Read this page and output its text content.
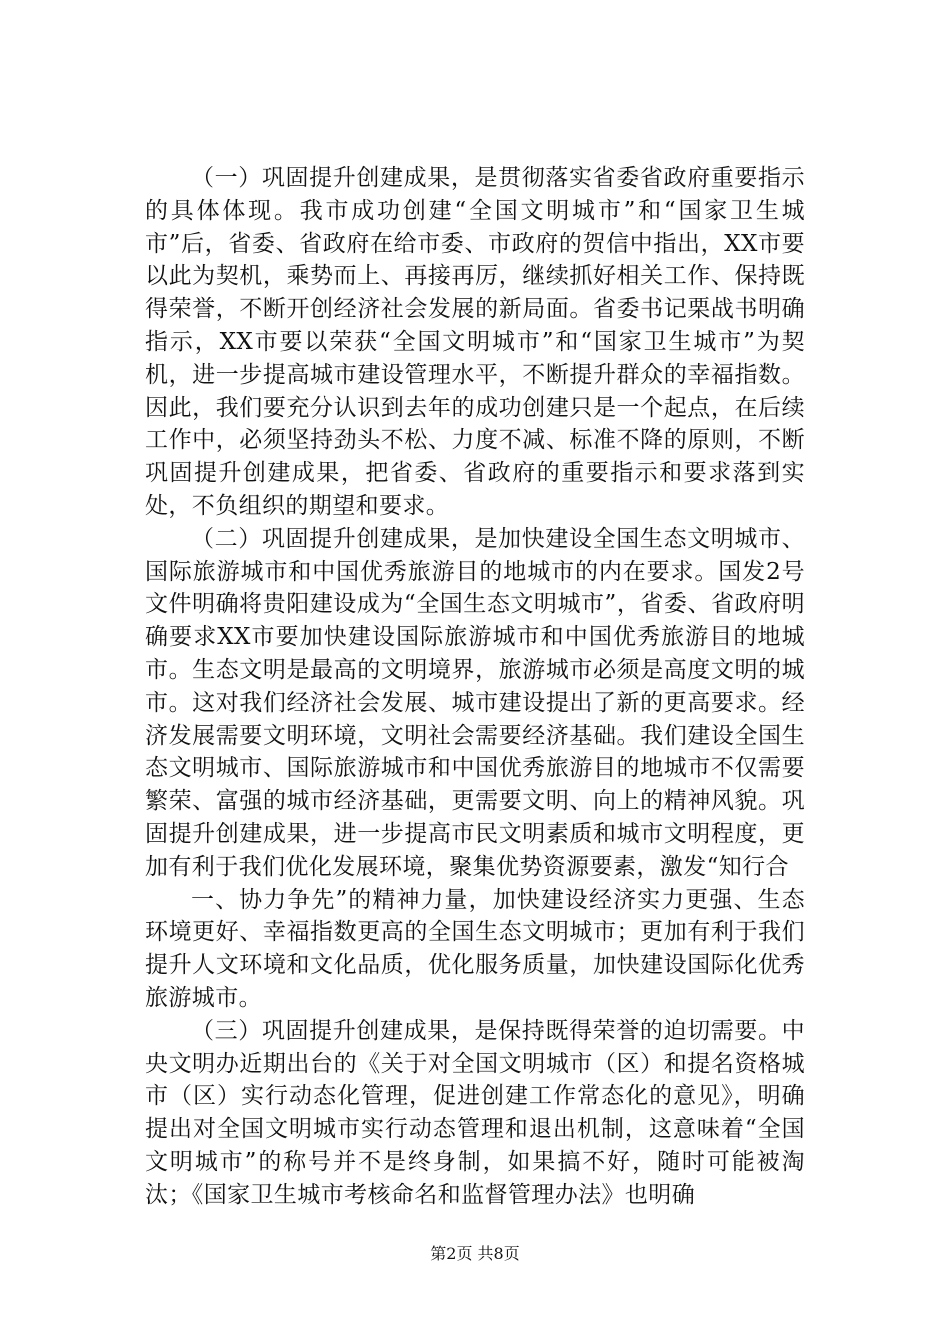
（一）巩固提升创建成果，是贯彻落实省委省政府重要指示的具体体现。我市成功创建“全国文明城市”和“国家卫生城市”后，省委、省政府在给市委、市政府的贺信中指出，XX市要以此为契机，乘势而上、再接再厉，继续抓好相关工作、保持既得荣誉，不断开创经济社会发展的新局面。省委书记栗战书明确指示，XX市要以荣获“全国文明城市”和“国家卫生城市”为契机，进一步提高城市建设管理水平，不断提升群众的幸福指数。因此，我们要充分认识到去年的成功创建只是一个起点，在后续工作中，必须坚持劲头不松、力度不减、标准不降的原则，不断巩固提升创建成果，把省委、省政府的重要指示和要求落到实处，不负组织的期望和要求。

（二）巩固提升创建成果，是加快建设全国生态文明城市、国际旅游城市和中国优秀旅游目的地城市的内在要求。国发2号文件明确将贵阳建设成为“全国生态文明城市”，省委、省政府明确要求XX市要加快建设国际旅游城市和中国优秀旅游目的地城市。生态文明是最高的文明境界，旅游城市必须是高度文明的城市。这对我们经济社会发展、城市建设提出了新的更高要求。经济发展需要文明环境，文明社会需要经济基础。我们建设全国生态文明城市、国际旅游城市和中国优秀旅游目的地城市不仅需要繁荣、富强的城市经济基础，更需要文明、向上的精神风貌。巩固提升创建成果，进一步提高市民文明素质和城市文明程度，更加有利于我们优化发展环境，聚集优势资源要素，激发“知行合

一、协力争先”的精神力量，加快建设经济实力更强、生态环境更好、幸福指数更高的全国生态文明城市；更加有利于我们提升人文环境和文化品质，优化服务质量，加快建设国际化优秀旅游城市。

（三）巩固提升创建成果，是保持既得荣誉的迫切需要。中央文明办近期出台的《关于对全国文明城市（区）和提名资格城市（区）实行动态化管理，促进创建工作常态化的意见》，明确提出对全国文明城市实行动态管理和退出机制，这意味着“全国文明城市”的称号并不是终身制，如果搞不好，随时可能被淘汰；《国家卫生城市考核命名和监督管理办法》也明确

第2页 共8页
